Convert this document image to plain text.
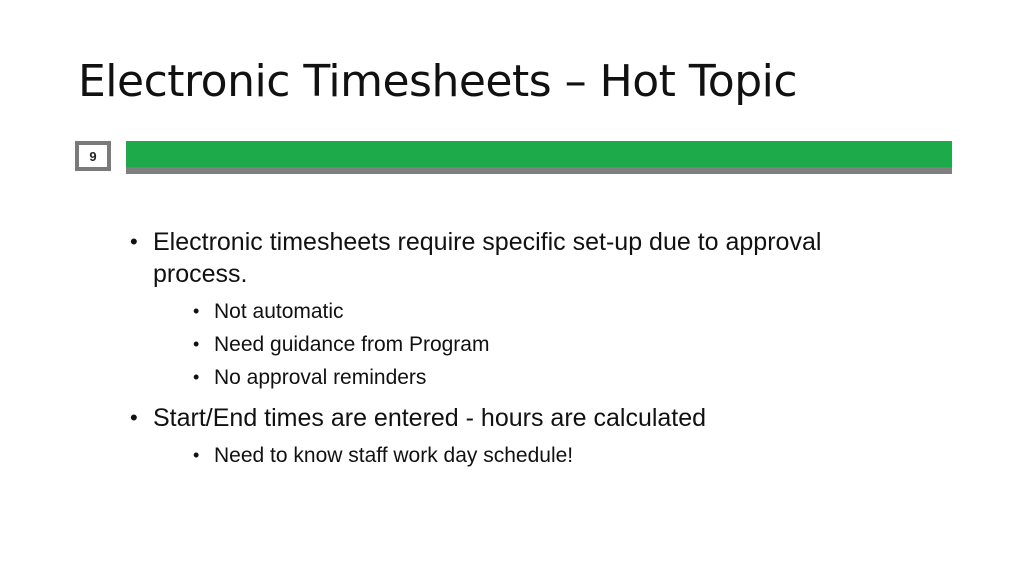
Electronic Timesheets – Hot Topic
9
• Electronic timesheets require specific set-up due to approval process.
• Not automatic
• Need guidance from Program
• No approval reminders
• Start/End times are entered - hours are calculated
• Need to know staff work day schedule!
